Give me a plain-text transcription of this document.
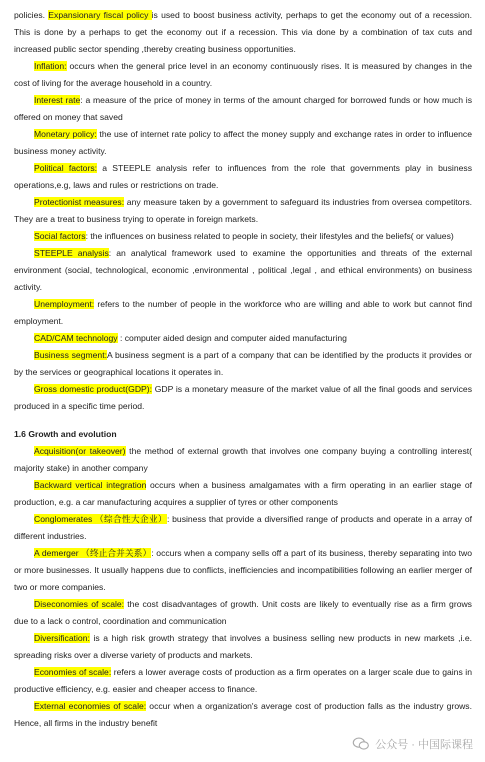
policies. Expansionary fiscal policy is used to boost business activity, perhaps to get the economy out of a recession. This is done by a perhaps to get the economy out if a recession. This via done by a combination of tax cuts and increased public sector spending ,thereby creating business opportunities.

Inflation: occurs when the general price level in an economy continuously rises. It is measured by changes in the cost of living for the average household in a country.

Interest rate: a measure of the price of money in terms of the amount charged for borrowed funds or how much is offered on money that saved

Monetary policy: the use of internet rate policy to affect the money supply and exchange rates in order to influence business money activity.

Political factors: a STEEPLE analysis refer to influences from the role that governments play in business operations,e.g, laws and rules or restrictions on trade.

Protectionist measures: any measure taken by a government to safeguard its industries from oversea competitors. They are a treat to business trying to operate in foreign markets.

Social factors: the influences on business related to people in society, their lifestyles and the beliefs( or values)

STEEPLE analysis: an analytical framework used to examine the opportunities and threats of the external environment (social, technological, economic ,environmental , political ,legal , and ethical environments) on business activity.

Unemployment: refers to the number of people in the workforce who are willing and able to work but cannot find employment.

CAD/CAM technology : computer aided design and computer aided manufacturing

Business segment:A business segment is a part of a company that can be identified by the products it provides or by the services or geographical locations it operates in.

Gross domestic product(GDP): GDP is a monetary measure of the market value of all the final goods and services produced in a specific time period.

1.6 Growth and evolution

Acquisition(or takeover) the method of external growth that involves one company buying a controlling interest( majority stake) in another company

Backward vertical integration occurs when a business amalgamates with a firm operating in an earlier stage of production, e.g. a car manufacturing acquires a supplier of tyres or other components

Conglomerates （综合性大企业）: business that provide a diversified range of products and operate in a array of different industries.

A demerger （终止合并关系）: occurs when a company sells off a part of its business, thereby separating into two or more businesses. It usually happens due to conflicts, inefficiencies and incompatibilities following an earlier merger of two or more companies.

Diseconomies of scale: the cost disadvantages of growth. Unit costs are likely to eventually rise as a firm grows due to a lack o control, coordination and communication

Diversification: is a high risk growth strategy that involves a business selling new products in new markets ,i.e. spreading risks over a diverse variety of products and markets.

Economies of scale: refers a lower average costs of production as a firm operates on a larger scale due to gains in productive efficiency, e.g. easier and cheaper access to finance.

External economies of scale: occur when a organization's average cost of production falls as the industry grows. Hence, all firms in the industry benefit

公众号 · 中国际课程
